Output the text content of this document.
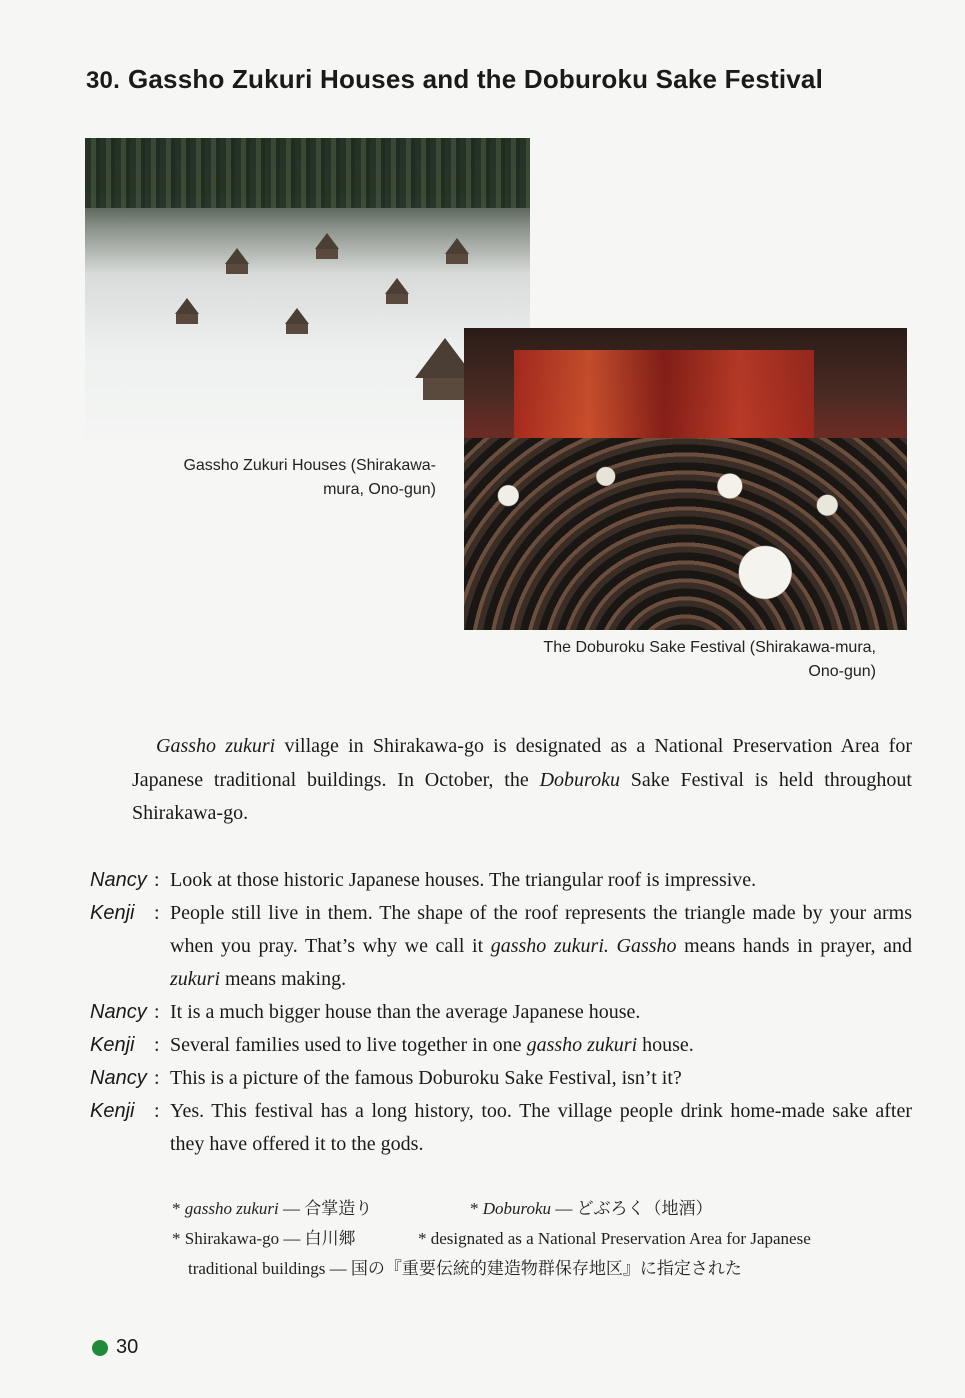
30. Gassho Zukuri Houses and the Doburoku Sake Festival
Gassho Zukuri Houses (Shirakawa-
mura, Ono-gun)
The Doburoku Sake Festival (Shirakawa-mura,
Ono-gun)
Gassho zukuri village in Shirakawa-go is designated as a National Preservation Area for Japanese traditional buildings. In October, the Doburoku Sake Festival is held throughout Shirakawa-go.
Nancy : Look at those historic Japanese houses. The triangular roof is impressive.
Kenji : People still live in them. The shape of the roof represents the triangle made by your arms when you pray. That’s why we call it gassho zukuri. Gassho means hands in prayer, and zukuri means making.
Nancy : It is a much bigger house than the average Japanese house.
Kenji : Several families used to live together in one gassho zukuri house.
Nancy : This is a picture of the famous Doburoku Sake Festival, isn’t it?
Kenji : Yes. This festival has a long history, too. The village people drink home-made sake after they have offered it to the gods.
* gassho zukuri — 合掌造り	* Doburoku — どぶろく（地酒）
* Shirakawa-go — 白川郷	* designated as a National Preservation Area for Japanese
traditional buildings — 国の『重要伝統的建造物群保存地区』に指定された
30
